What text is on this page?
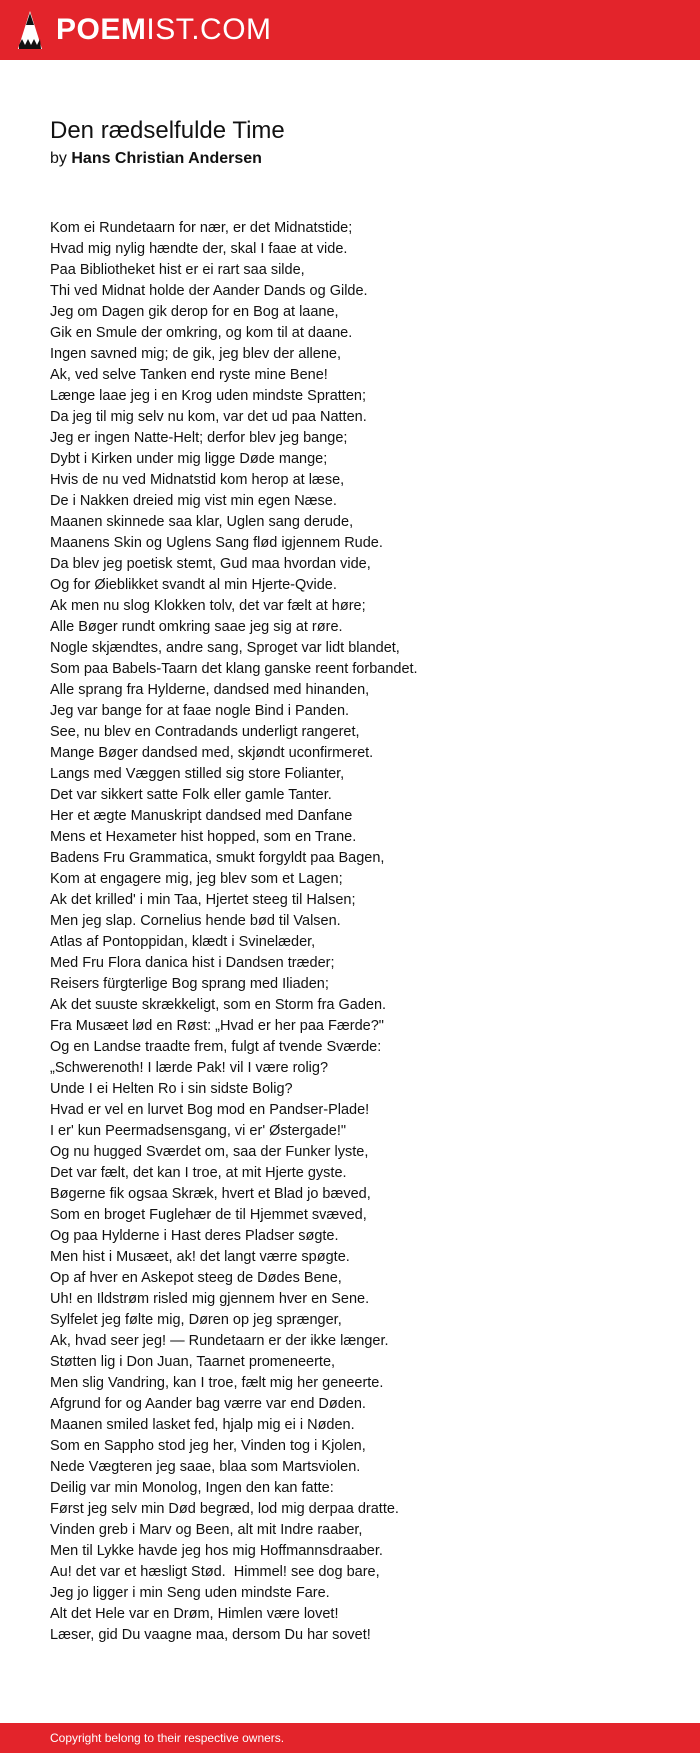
POEMIST.COM
Den rædselfulde Time

by Hans Christian Andersen

Kom ei Rundetaarn for nær, er det Midnatstide;
Hvad mig nylig hændte der, skal I faae at vide.
Paa Bibliotheket hist er ei rart saa silde,
Thi ved Midnat holde der Aander Dands og Gilde.
Jeg om Dagen gik derop for en Bog at laane,
Gik en Smule der omkring, og kom til at daane.
Ingen savned mig; de gik, jeg blev der allene,
Ak, ved selve Tanken end ryste mine Bene!
Længe laae jeg i en Krog uden mindste Spratten;
Da jeg til mig selv nu kom, var det ud paa Natten.
Jeg er ingen Natte-Helt; derfor blev jeg bange;
Dybt i Kirken under mig ligge Døde mange;
Hvis de nu ved Midnatstid kom herop at læse,
De i Nakken dreied mig vist min egen Næse.
Maanen skinnede saa klar, Uglen sang derude,
Maanens Skin og Uglens Sang flød igjennem Rude.
Da blev jeg poetisk stemt, Gud maa hvordan vide,
Og for Øieblikket svandt al min Hjerte-Qvide.
Ak men nu slog Klokken tolv, det var fælt at høre;
Alle Bøger rundt omkring saae jeg sig at røre.
Nogle skjændtes, andre sang, Sproget var lidt blandet,
Som paa Babels-Taarn det klang ganske reent forbandet.
Alle sprang fra Hylderne, dandsed med hinanden,
Jeg var bange for at faae nogle Bind i Panden.
See, nu blev en Contradands underligt rangeret,
Mange Bøger dandsed med, skjøndt uconfirmeret.
Langs med Væggen stilled sig store Folianter,
Det var sikkert satte Folk eller gamle Tanter.
Her et ægte Manuskript dandsed med Danfane
Mens et Hexameter hist hopped, som en Trane.
Badens Fru Grammatica, smukt forgyldt paa Bagen,
Kom at engagere mig, jeg blev som et Lagen;
Ak det krilled' i min Taa, Hjertet steeg til Halsen;
Men jeg slap. Cornelius hende bød til Valsen.
Atlas af Pontoppidan, klædt i Svinelæder,
Med Fru Flora danica hist i Dandsen træder;
Reisers fürgterlige Bog sprang med Iliaden;
Ak det suuste skrækkeligt, som en Storm fra Gaden.
Fra Musæet lød en Røst: „Hvad er her paa Færde?"
Og en Landse traadte frem, fulgt af tvende Sværde:
„Schwerenoth! I lærde Pak! vil I være rolig?
Unde I ei Helten Ro i sin sidste Bolig?
Hvad er vel en lurvet Bog mod en Pandser-Plade!
I er' kun Peermadsensgang, vi er' Østergade!"
Og nu hugged Sværdet om, saa der Funker lyste,
Det var fælt, det kan I troe, at mit Hjerte gyste.
Bøgerne fik ogsaa Skræk, hvert et Blad jo bæved,
Som en broget Fuglehær de til Hjemmet svæved,
Og paa Hylderne i Hast deres Pladser søgte.
Men hist i Musæet, ak! det langt værre spøgte.
Op af hver en Askepot steeg de Dødes Bene,
Uh! en Ildstrøm risled mig gjennem hver en Sene.
Sylfelet jeg følte mig, Døren op jeg sprænger,
Ak, hvad seer jeg! — Rundetaarn er der ikke længer.
Støtten lig i Don Juan, Taarnet promeneerte,
Men slig Vandring, kan I troe, fælt mig her geneerte.
Afgrund for og Aander bag værre var end Døden.
Maanen smiled lasket fed, hjalp mig ei i Nøden.
Som en Sappho stod jeg her, Vinden tog i Kjolen,
Nede Vægteren jeg saae, blaa som Martsviolen.
Deilig var min Monolog, Ingen den kan fatte:
Først jeg selv min Død begræd, lod mig derpaa dratte.
Vinden greb i Marv og Been, alt mit Indre raaber,
Men til Lykke havde jeg hos mig Hoffmannsdraaber.
Au! det var et hæsligt Stød.  Himmel! see dog bare,
Jeg jo ligger i min Seng uden mindste Fare.
Alt det Hele var en Drøm, Himlen være lovet!
Læser, gid Du vaagne maa, dersom Du har sovet!
Copyright belong to their respective owners.
